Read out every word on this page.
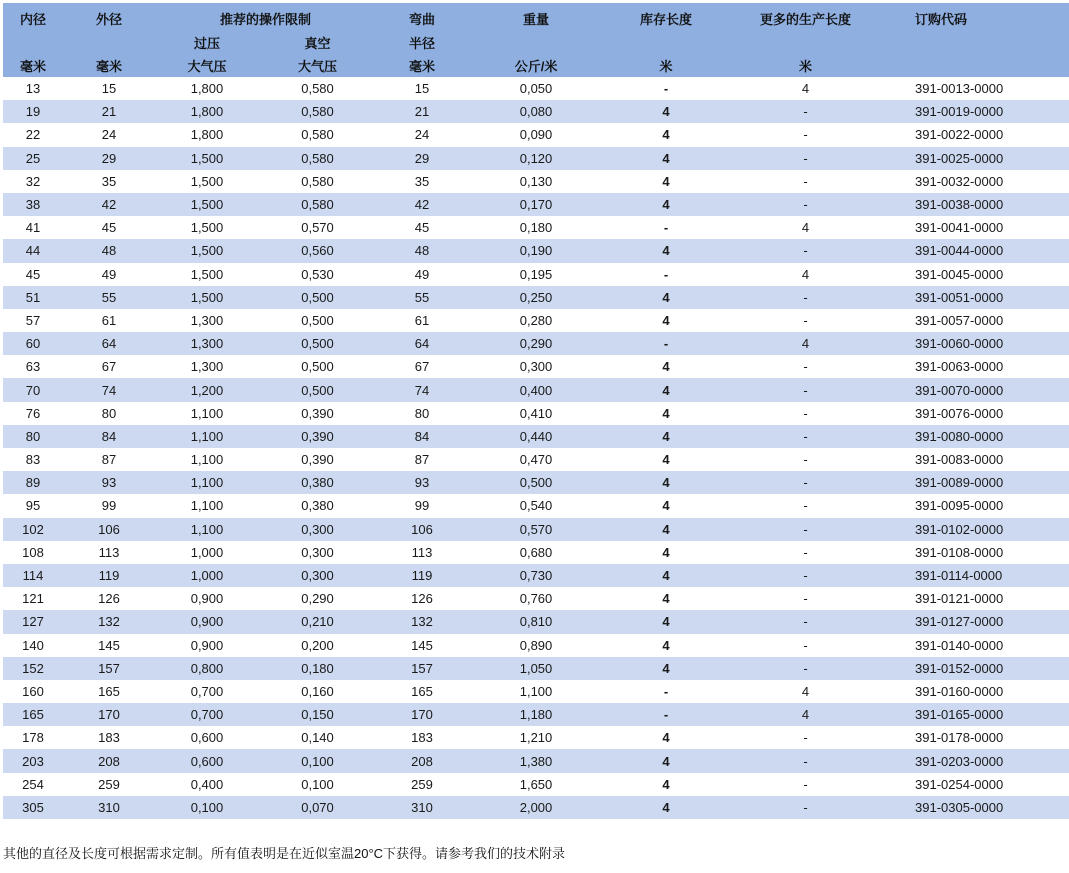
内径	外径	推荐的操作限制		弯曲	重量	库存长度	更多的生产长度	订购代码
		过压	真空	半径				
毫米	毫米	大气压	大气压	毫米	公斤/米	米	米	
13	15	1,800	0,580	15	0,050	-	4	391-0013-0000
19	21	1,800	0,580	21	0,080	4	-	391-0019-0000
22	24	1,800	0,580	24	0,090	4	-	391-0022-0000
25	29	1,500	0,580	29	0,120	4	-	391-0025-0000
32	35	1,500	0,580	35	0,130	4	-	391-0032-0000
38	42	1,500	0,580	42	0,170	4	-	391-0038-0000
41	45	1,500	0,570	45	0,180	-	4	391-0041-0000
44	48	1,500	0,560	48	0,190	4	-	391-0044-0000
45	49	1,500	0,530	49	0,195	-	4	391-0045-0000
51	55	1,500	0,500	55	0,250	4	-	391-0051-0000
57	61	1,300	0,500	61	0,280	4	-	391-0057-0000
60	64	1,300	0,500	64	0,290	-	4	391-0060-0000
63	67	1,300	0,500	67	0,300	4	-	391-0063-0000
70	74	1,200	0,500	74	0,400	4	-	391-0070-0000
76	80	1,100	0,390	80	0,410	4	-	391-0076-0000
80	84	1,100	0,390	84	0,440	4	-	391-0080-0000
83	87	1,100	0,390	87	0,470	4	-	391-0083-0000
89	93	1,100	0,380	93	0,500	4	-	391-0089-0000
95	99	1,100	0,380	99	0,540	4	-	391-0095-0000
102	106	1,100	0,300	106	0,570	4	-	391-0102-0000
108	113	1,000	0,300	113	0,680	4	-	391-0108-0000
114	119	1,000	0,300	119	0,730	4	-	391-0114-0000
121	126	0,900	0,290	126	0,760	4	-	391-0121-0000
127	132	0,900	0,210	132	0,810	4	-	391-0127-0000
140	145	0,900	0,200	145	0,890	4	-	391-0140-0000
152	157	0,800	0,180	157	1,050	4	-	391-0152-0000
160	165	0,700	0,160	165	1,100	-	4	391-0160-0000
165	170	0,700	0,150	170	1,180	-	4	391-0165-0000
178	183	0,600	0,140	183	1,210	4	-	391-0178-0000
203	208	0,600	0,100	208	1,380	4	-	391-0203-0000
254	259	0,400	0,100	259	1,650	4	-	391-0254-0000
305	310	0,100	0,070	310	2,000	4	-	391-0305-0000
其他的直径及长度可根据需求定制。所有值表明是在近似室温20°C下获得。请参考我们的技术附录
